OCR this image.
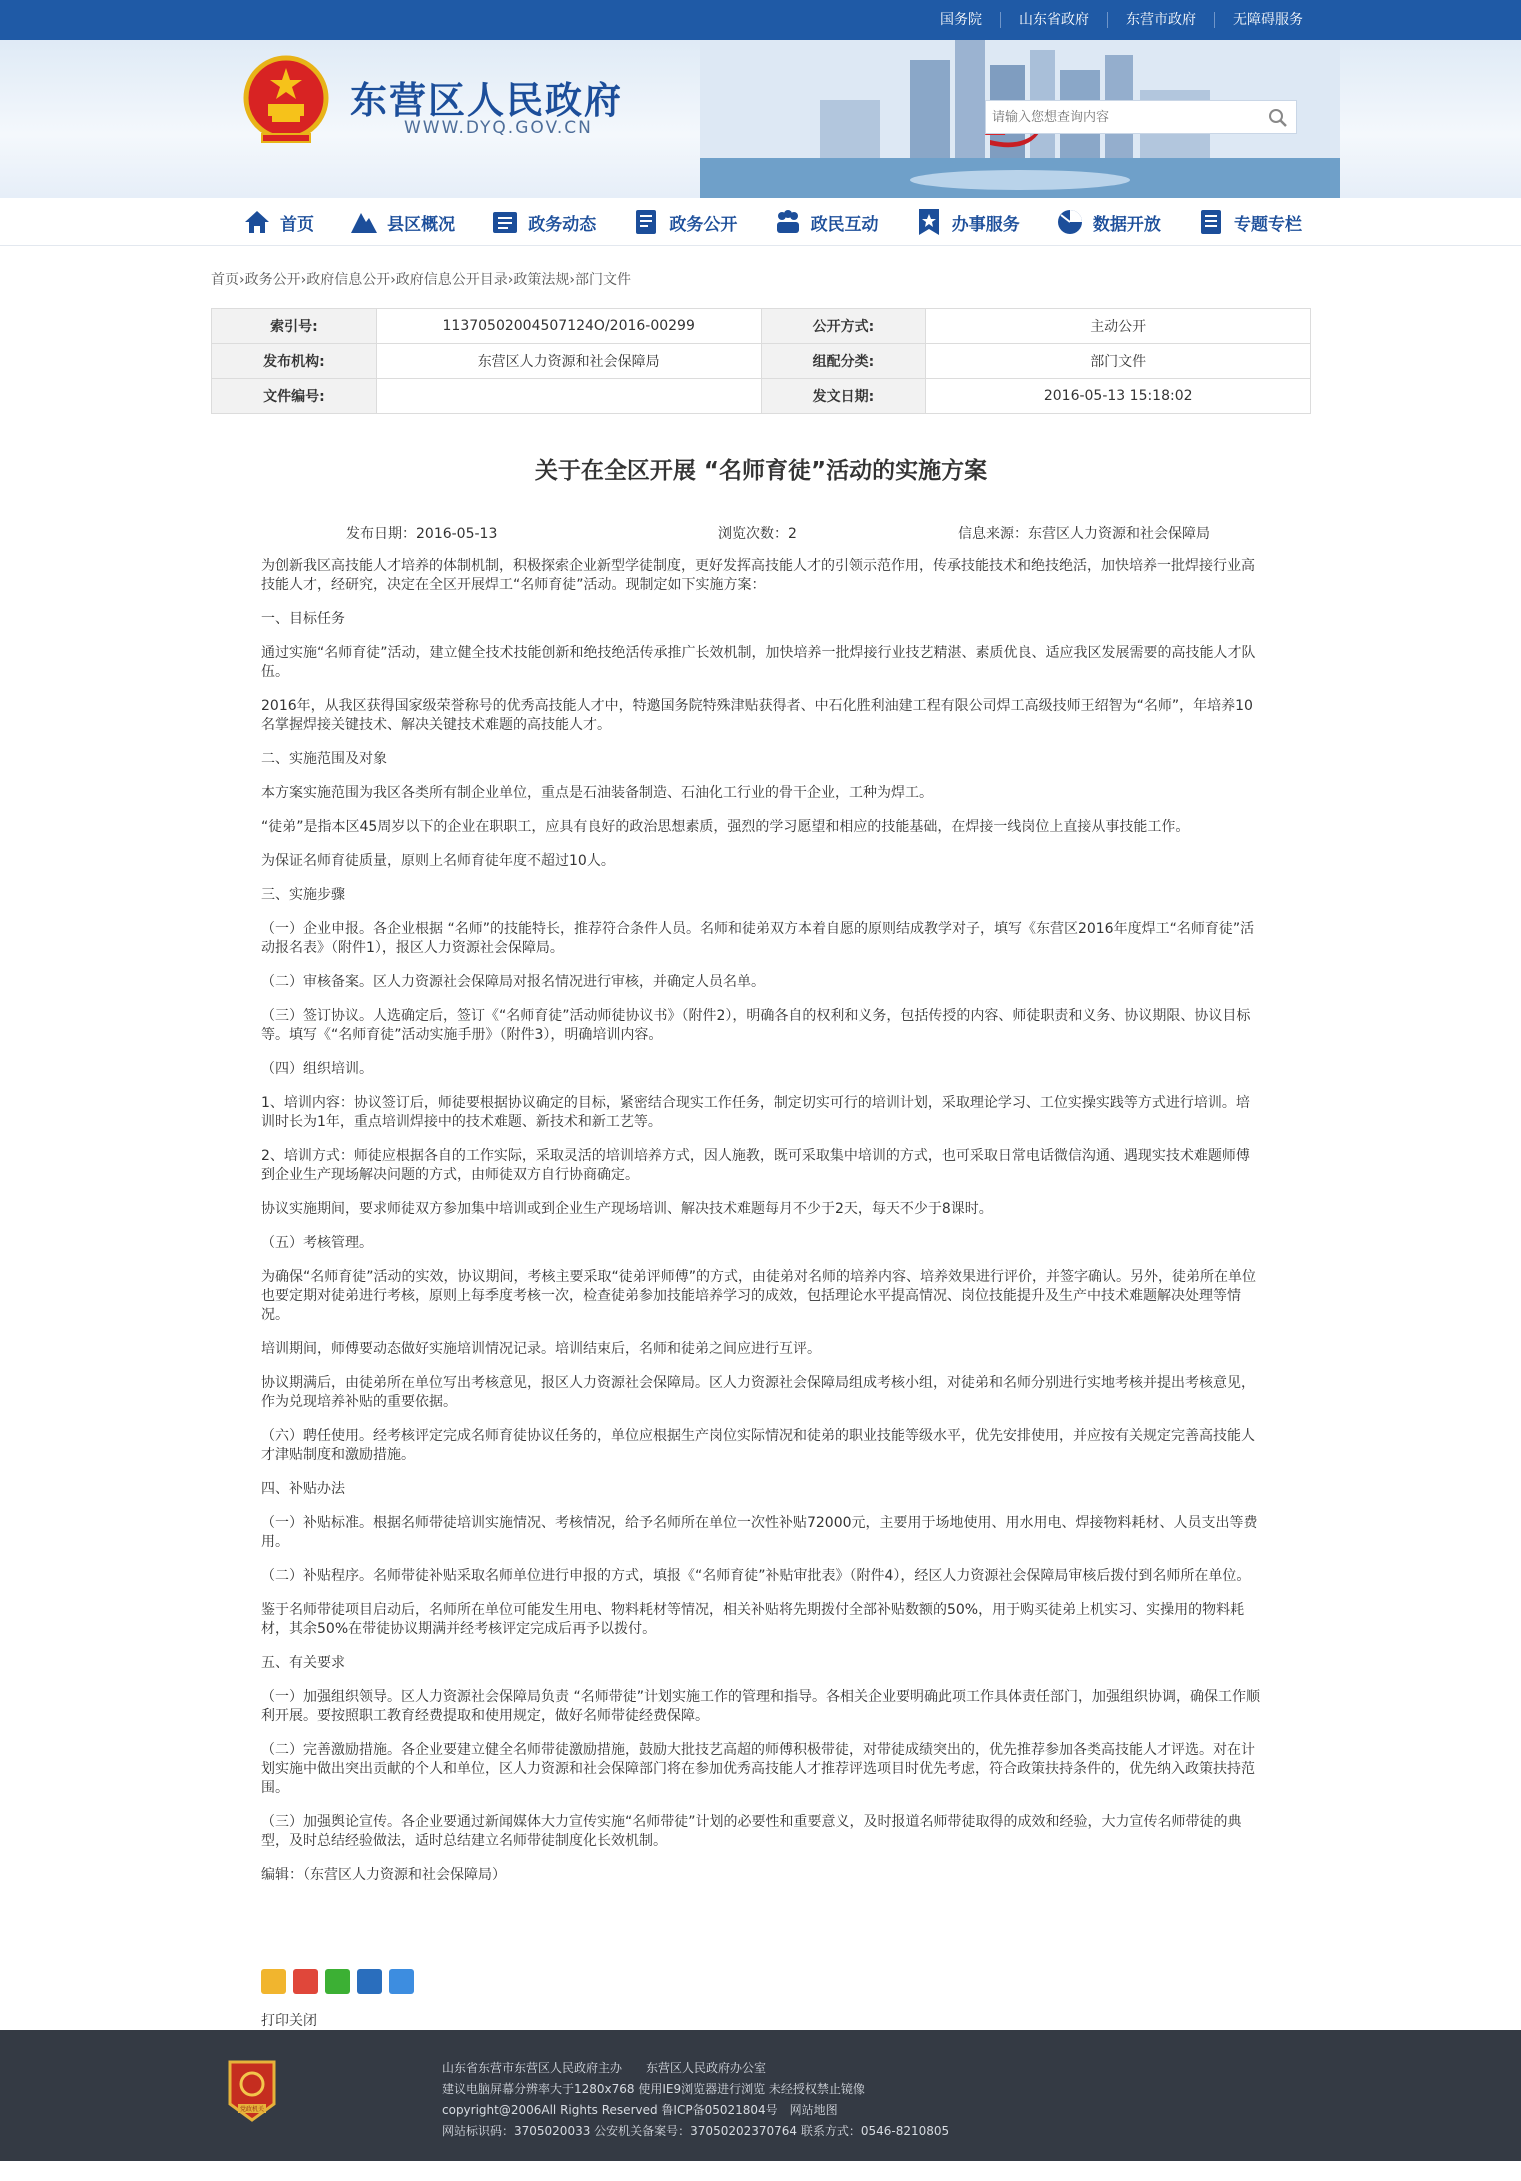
国务院	山东省政府	东营市政府	无障碍服务
东营区人民政府
WWW.DYQ.GOV.CN
请输入您想查询内容
首页	县区概况	政务动态	政务公开	政民互动	办事服务	数据开放	专题专栏
首页›政务公开›政府信息公开›政府信息公开目录›政策法规›部门文件
索引号:	11370502004507124O/2016-00299	公开方式:	主动公开
发布机构:	东营区人力资源和社会保障局	组配分类:	部门文件
文件编号:		发文日期:	2016-05-13 15:18:02
关于在全区开展 “名师育徒”活动的实施方案
发布日期：2016-05-13	浏览次数：2	信息来源：东营区人力资源和社会保障局

为创新我区高技能人才培养的体制机制，积极探索企业新型学徒制度，更好发挥高技能人才的引领示范作用，传承技能技术和绝技绝活，加快培养一批焊接行业高技能人才，经研究，决定在全区开展焊工“名师育徒”活动。现制定如下实施方案：

一、目标任务

通过实施“名师育徒”活动，建立健全技术技能创新和绝技绝活传承推广长效机制，加快培养一批焊接行业技艺精湛、素质优良、适应我区发展需要的高技能人才队伍。

2016年，从我区获得国家级荣誉称号的优秀高技能人才中，特邀国务院特殊津贴获得者、中石化胜利油建工程有限公司焊工高级技师王绍智为“名师”，年培养10名掌握焊接关键技术、解决关键技术难题的高技能人才。

二、实施范围及对象

本方案实施范围为我区各类所有制企业单位，重点是石油装备制造、石油化工行业的骨干企业，工种为焊工。

“徒弟”是指本区45周岁以下的企业在职职工，应具有良好的政治思想素质，强烈的学习愿望和相应的技能基础，在焊接一线岗位上直接从事技能工作。

为保证名师育徒质量，原则上名师育徒年度不超过10人。

三、实施步骤

（一）企业申报。各企业根据 “名师”的技能特长，推荐符合条件人员。名师和徒弟双方本着自愿的原则结成教学对子，填写《东营区2016年度焊工“名师育徒”活动报名表》（附件1），报区人力资源社会保障局。

（二）审核备案。区人力资源社会保障局对报名情况进行审核，并确定人员名单。

（三）签订协议。人选确定后，签订《“名师育徒”活动师徒协议书》（附件2），明确各自的权利和义务，包括传授的内容、师徒职责和义务、协议期限、协议目标等。填写《“名师育徒”活动实施手册》（附件3），明确培训内容。

（四）组织培训。

1、培训内容：协议签订后，师徒要根据协议确定的目标，紧密结合现实工作任务，制定切实可行的培训计划，采取理论学习、工位实操实践等方式进行培训。培训时长为1年，重点培训焊接中的技术难题、新技术和新工艺等。

2、培训方式：师徒应根据各自的工作实际，采取灵活的培训培养方式，因人施教，既可采取集中培训的方式，也可采取日常电话微信沟通、遇现实技术难题师傅到企业生产现场解决问题的方式，由师徒双方自行协商确定。

协议实施期间，要求师徒双方参加集中培训或到企业生产现场培训、解决技术难题每月不少于2天，每天不少于8课时。

（五）考核管理。

为确保“名师育徒”活动的实效，协议期间，考核主要采取“徒弟评师傅”的方式，由徒弟对名师的培养内容、培养效果进行评价，并签字确认。另外，徒弟所在单位也要定期对徒弟进行考核，原则上每季度考核一次，检查徒弟参加技能培养学习的成效，包括理论水平提高情况、岗位技能提升及生产中技术难题解决处理等情况。

培训期间，师傅要动态做好实施培训情况记录。培训结束后，名师和徒弟之间应进行互评。

协议期满后，由徒弟所在单位写出考核意见，报区人力资源社会保障局。区人力资源社会保障局组成考核小组，对徒弟和名师分别进行实地考核并提出考核意见，作为兑现培养补贴的重要依据。

（六）聘任使用。经考核评定完成名师育徒协议任务的，单位应根据生产岗位实际情况和徒弟的职业技能等级水平，优先安排使用，并应按有关规定完善高技能人才津贴制度和激励措施。

四、补贴办法

（一）补贴标准。根据名师带徒培训实施情况、考核情况，给予名师所在单位一次性补贴72000元，主要用于场地使用、用水用电、焊接物料耗材、人员支出等费用。

（二）补贴程序。名师带徒补贴采取名师单位进行申报的方式，填报《“名师育徒”补贴审批表》（附件4），经区人力资源社会保障局审核后拨付到名师所在单位。

鉴于名师带徒项目启动后，名师所在单位可能发生用电、物料耗材等情况，相关补贴将先期拨付全部补贴数额的50%，用于购买徒弟上机实习、实操用的物料耗材，其余50%在带徒协议期满并经考核评定完成后再予以拨付。

五、有关要求

（一）加强组织领导。区人力资源社会保障局负责 “名师带徒”计划实施工作的管理和指导。各相关企业要明确此项工作具体责任部门，加强组织协调，确保工作顺利开展。要按照职工教育经费提取和使用规定，做好名师带徒经费保障。

（二）完善激励措施。各企业要建立健全名师带徒激励措施，鼓励大批技艺高超的师傅积极带徒，对带徒成绩突出的，优先推荐参加各类高技能人才评选。对在计划实施中做出突出贡献的个人和单位，区人力资源和社会保障部门将在参加优秀高技能人才推荐评选项目时优先考虑，符合政策扶持条件的，优先纳入政策扶持范围。

（三）加强舆论宣传。各企业要通过新闻媒体大力宣传实施“名师带徒”计划的必要性和重要意义，及时报道名师带徒取得的成效和经验，大力宣传名师带徒的典型，及时总结经验做法，适时总结建立名师带徒制度化长效机制。

编辑：（东营区人力资源和社会保障局）

打印关闭
党政机关
山东省东营市东营区人民政府主办　　东营区人民政府办公室
建议电脑屏幕分辨率大于1280x768 使用IE9浏览器进行浏览 未经授权禁止镜像
copyright@2006All Rights Reserved 鲁ICP备05021804号　网站地图
网站标识码：3705020033 公安机关备案号：37050202370764 联系方式：0546-8210805
